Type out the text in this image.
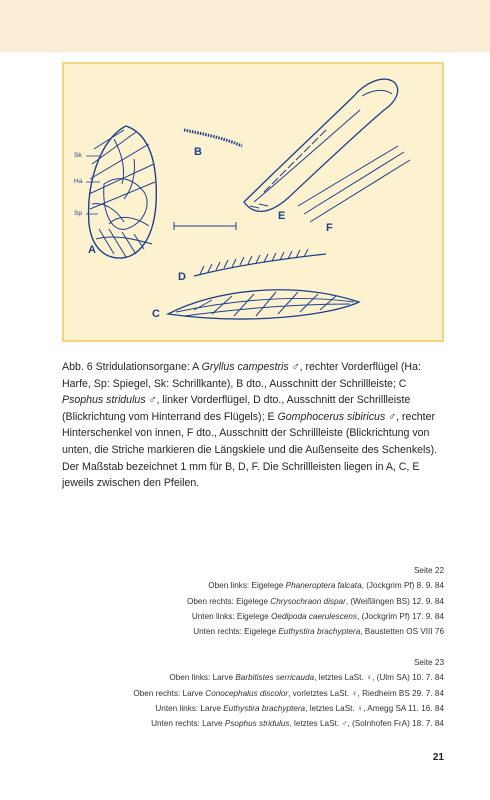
Sk
Ha
Sp
A
B
C
D
E
F

Abb. 6 Stridulationsorgane: A Gryllus campestris ♂, rechter Vorderflügel (Ha: Harfe, Sp: Spiegel, Sk: Schrillkante), B dto., Ausschnitt der Schrillleiste; C Psophus stridulus ♂, linker Vorderflügel, D dto., Ausschnitt der Schrillleiste (Blickrichtung vom Hinterrand des Flügels); E Gomphocerus sibiricus ♂, rechter Hinterschenkel von innen, F dto., Ausschnitt der Schrillleiste (Blickrichtung von unten, die Striche markieren die Längskiele und die Außenseite des Schenkels). Der Maßstab bezeichnet 1 mm für B, D, F. Die Schrillleisten liegen in A, C, E jeweils zwischen den Pfeilen.

Seite 22
Oben links: Eigelege Phaneroptera falcata, (Jockgrim Pf) 8. 9. 84
Oben rechts: Eigelege Chrysochraon dispar, (Weißlingen BS) 12. 9. 84
Unten links: Eigelege Oedipoda caerulescens, (Jockgrim Pf) 17. 9. 84
Unten rechts: Eigelege Euthystira brachyptera, Baustetten OS VIII 76
Seite 23
Oben links: Larve Barbitistes serricauda, letztes LaSt. ♀, (Ulm SA) 10. 7. 84
Oben rechts: Larve Conocephalus discolor, vorletztes LaSt. ♀, Riedheim BS 29. 7. 84
Unten links: Larve Euthystira brachyptera, letztes LaSt. ♀, Amegg SA 11. 16. 84
Unten rechts: Larve Psophus stridulus, letztes LaSt. ♂, (Solnhofen FrA) 18. 7. 84
21
